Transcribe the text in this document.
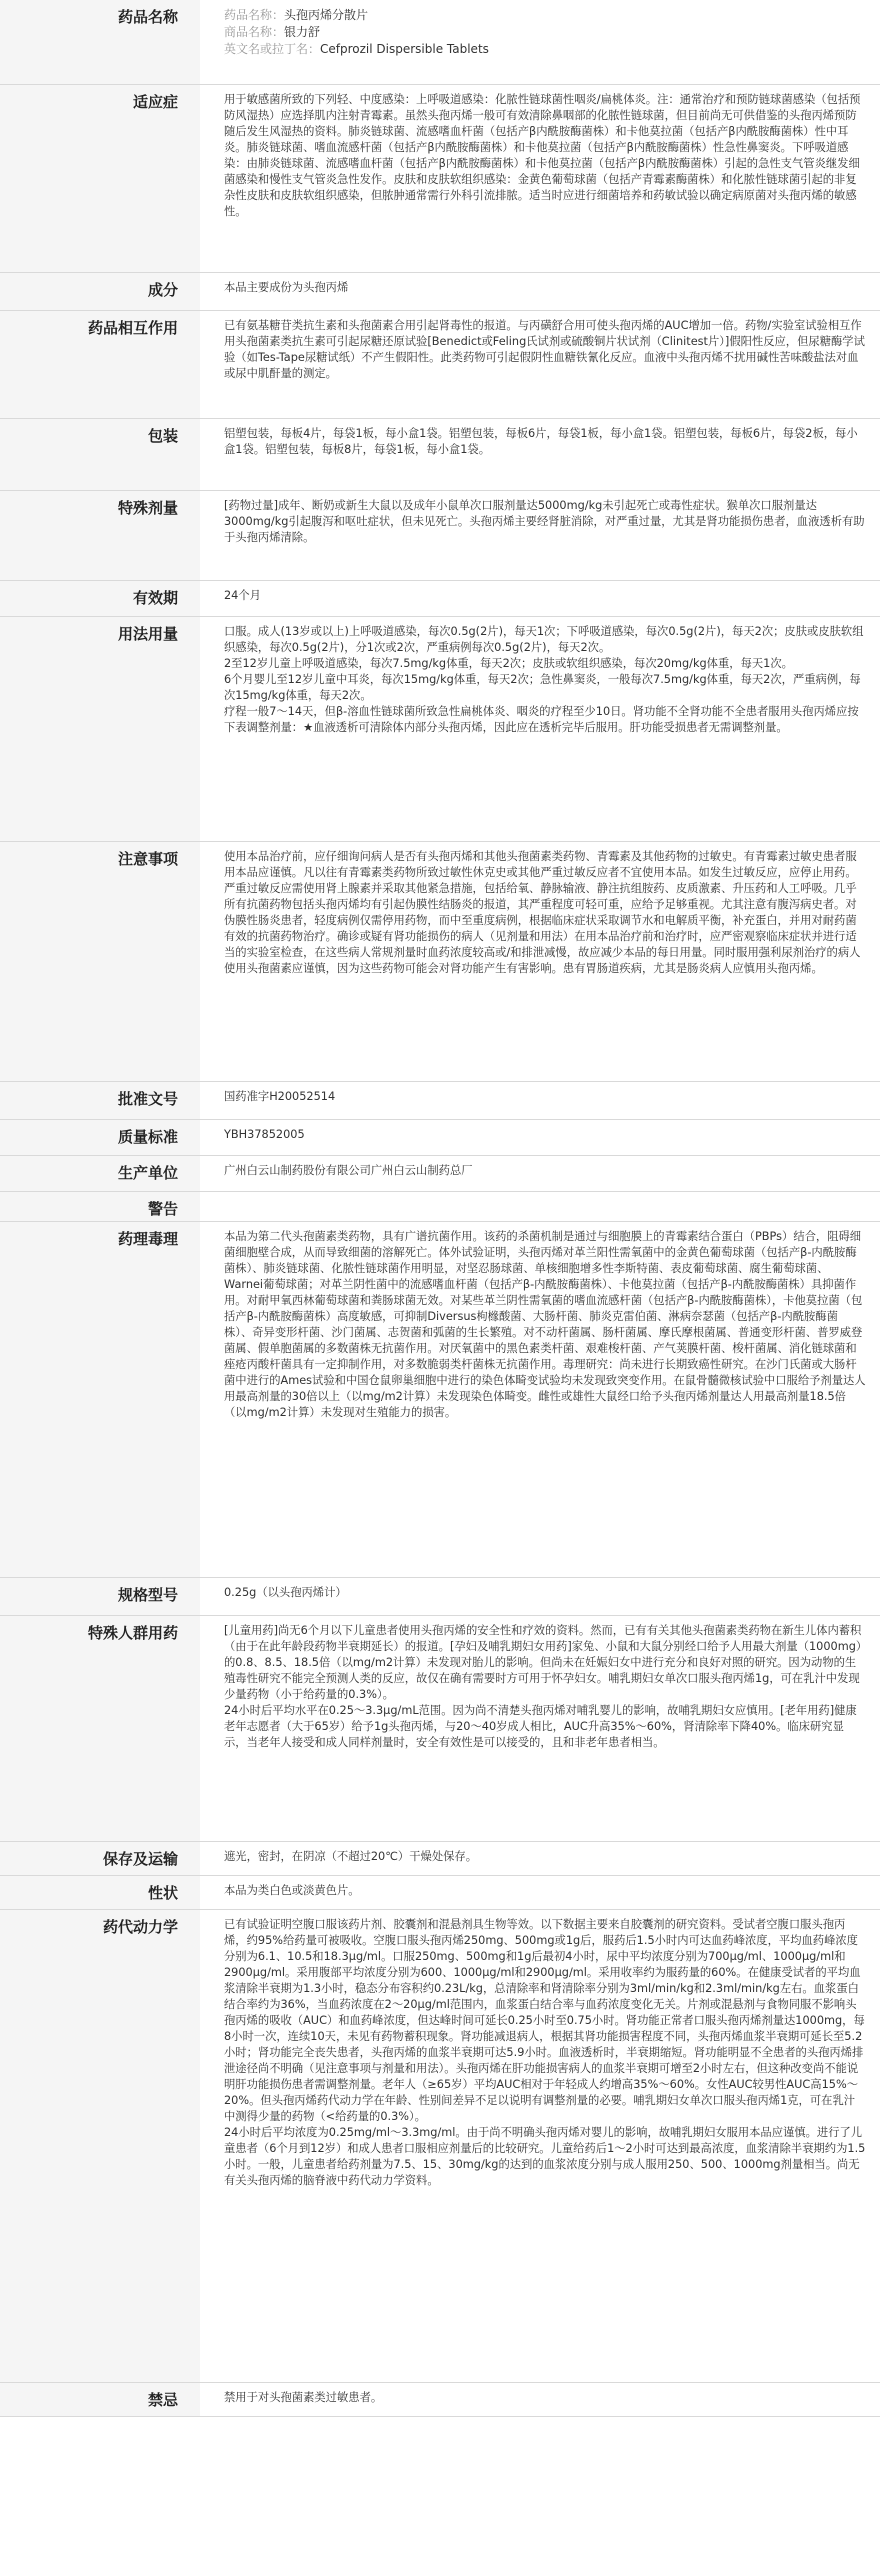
药品名称	药品名称：头孢丙烯分散片
商品名称：银力舒
英文名或拉丁名：Cefprozil Dispersible Tablets

适应症	用于敏感菌所致的下列轻、中度感染：上呼吸道感染：化脓性链球菌性咽炎/扁桃体炎。注：通常治疗和预防链球菌感染（包括预防风湿热）应选择肌内注射青霉素。虽然头孢丙烯一般可有效清除鼻咽部的化脓性链球菌，但目前尚无可供借鉴的头孢丙烯预防随后发生风湿热的资料。肺炎链球菌、流感嗜血杆菌（包括产β内酰胺酶菌株）和卡他莫拉菌（包括产β内酰胺酶菌株）性中耳炎。肺炎链球菌、嗜血流感杆菌（包括产β内酰胺酶菌株）和卡他莫拉菌（包括产β内酰胺酶菌株）性急性鼻窦炎。下呼吸道感染：由肺炎链球菌、流感嗜血杆菌（包括产β内酰胺酶菌株）和卡他莫拉菌（包括产β内酰胺酶菌株）引起的急性支气管炎继发细菌感染和慢性支气管炎急性发作。皮肤和皮肤软组织感染：金黄色葡萄球菌（包括产青霉素酶菌株）和化脓性链球菌引起的非复杂性皮肤和皮肤软组织感染，但脓肿通常需行外科引流排脓。适当时应进行细菌培养和药敏试验以确定病原菌对头孢丙烯的敏感性。

成分	本品主要成份为头孢丙烯

药品相互作用	已有氨基糖苷类抗生素和头孢菌素合用引起肾毒性的报道。与丙磺舒合用可使头孢丙烯的AUC增加一倍。药物/实验室试验相互作用头孢菌素类抗生素可引起尿糖还原试验[Benedict或Feling氏试剂或硫酸铜片状试剂（Clinitest片）]假阳性反应，但尿糖酶学试验（如Tes-Tape尿糖试纸）不产生假阳性。此类药物可引起假阴性血糖铁氰化反应。血液中头孢丙烯不扰用碱性苦味酸盐法对血或尿中肌酐量的测定。

包装	铝塑包装，每板4片，每袋1板，每小盒1袋。铝塑包装，每板6片，每袋1板，每小盒1袋。铝塑包装，每板6片，每袋2板，每小盒1袋。铝塑包装，每板8片，每袋1板，每小盒1袋。

特殊剂量	[药物过量]成年、断奶或新生大鼠以及成年小鼠单次口服剂量达5000mg/kg未引起死亡或毒性症状。猴单次口服剂量达3000mg/kg引起腹泻和呕吐症状，但未见死亡。头孢丙烯主要经肾脏消除，对严重过量，尤其是肾功能损伤患者，血液透析有助于头孢丙烯清除。

有效期	24个月

用法用量	口服。成人(13岁或以上)上呼吸道感染，每次0.5g(2片)，每天1次；下呼吸道感染，每次0.5g(2片)，每天2次；皮肤或皮肤软组织感染，每次0.5g(2片)，分1次或2次，严重病例每次0.5g(2片)，每天2次。
2至12岁儿童上呼吸道感染，每次7.5mg/kg体重，每天2次；皮肤或软组织感染，每次20mg/kg体重，每天1次。
6个月婴儿至12岁儿童中耳炎，每次15mg/kg体重，每天2次；急性鼻窦炎，一般每次7.5mg/kg体重，每天2次，严重病例，每次15mg/kg体重，每天2次。
疗程一般7～14天，但β-溶血性链球菌所致急性扁桃体炎、咽炎的疗程至少10日。肾功能不全肾功能不全患者服用头孢丙烯应按下表调整剂量：★血液透析可清除体内部分头孢丙烯，因此应在透析完毕后服用。肝功能受损患者无需调整剂量。

注意事项	使用本品治疗前，应仔细询问病人是否有头孢丙烯和其他头孢菌素类药物、青霉素及其他药物的过敏史。有青霉素过敏史患者服用本品应谨慎。凡以往有青霉素类药物所致过敏性休克史或其他严重过敏反应者不宜使用本品。如发生过敏反应，应停止用药。严重过敏反应需使用肾上腺素并采取其他紧急措施，包括给氧、静脉输液、静注抗组胺药、皮质激素、升压药和人工呼吸。几乎所有抗菌药物包括头孢丙烯均有引起伪膜性结肠炎的报道，其严重程度可轻可重，应给予足够重视。尤其注意有腹泻病史者。对伪膜性肠炎患者，轻度病例仅需停用药物，而中至重度病例，根据临床症状采取调节水和电解质平衡，补充蛋白，并用对耐药菌有效的抗菌药物治疗。确诊或疑有肾功能损伤的病人（见剂量和用法）在用本品治疗前和治疗时，应严密观察临床症状并进行适当的实验室检查，在这些病人常规剂量时血药浓度较高或/和排泄减慢，故应减少本品的每日用量。同时服用强利尿剂治疗的病人使用头孢菌素应谨慎，因为这些药物可能会对肾功能产生有害影响。患有胃肠道疾病，尤其是肠炎病人应慎用头孢丙烯。

批准文号	国药准字H20052514

质量标准	YBH37852005

生产单位	广州白云山制药股份有限公司广州白云山制药总厂

警告	

药理毒理	本品为第二代头孢菌素类药物，具有广谱抗菌作用。该药的杀菌机制是通过与细胞膜上的青霉素结合蛋白（PBPs）结合，阻碍细菌细胞壁合成，从而导致细菌的溶解死亡。体外试验证明，头孢丙烯对革兰阳性需氧菌中的金黄色葡萄球菌（包括产β-内酰胺酶菌株）、肺炎链球菌、化脓性链球菌作用明显，对坚忍肠球菌、单核细胞增多性李斯特菌、表皮葡萄球菌、腐生葡萄球菌、Warnei葡萄球菌；对革兰阴性菌中的流感嗜血杆菌（包括产β-内酰胺酶菌株）、卡他莫拉菌（包括产β-内酰胺酶菌株）具抑菌作用。对耐甲氧西林葡萄球菌和粪肠球菌无效。对某些革兰阴性需氧菌的嗜血流感杆菌（包括产β-内酰胺酶菌株），卡他莫拉菌（包括产β-内酰胺酶菌株）高度敏感，可抑制Diversus枸橼酸菌、大肠杆菌、肺炎克雷伯菌、淋病奈瑟菌（包括产β-内酰胺酶菌株）、奇异变形杆菌、沙门菌属、志贺菌和弧菌的生长繁殖。对不动杆菌属、肠杆菌属、摩氏摩根菌属、普通变形杆菌、普罗威登菌属、假单胞菌属的多数菌株无抗菌作用。对厌氧菌中的黑色素类杆菌、艰难梭杆菌、产气荚膜杆菌、梭杆菌属、消化链球菌和痤疮丙酸杆菌具有一定抑制作用，对多数脆弱类杆菌株无抗菌作用。毒理研究：尚未进行长期致癌性研究。在沙门氏菌或大肠杆菌中进行的Ames试验和中国仓鼠卵巢细胞中进行的染色体畸变试验均未发现致突变作用。在鼠骨髓微核试验中口服给予剂量达人用最高剂量的30倍以上（以mg/m2计算）未发现染色体畸变。雌性或雄性大鼠经口给予头孢丙烯剂量达人用最高剂量18.5倍（以mg/m2计算）未发现对生殖能力的损害。

规格型号	0.25g（以头孢丙烯计）

特殊人群用药	[儿童用药]尚无6个月以下儿童患者使用头孢丙烯的安全性和疗效的资料。然而，已有有关其他头孢菌素类药物在新生儿体内蓄积（由于在此年龄段药物半衰期延长）的报道。[孕妇及哺乳期妇女用药]家兔、小鼠和大鼠分别经口给予人用最大剂量（1000mg）的0.8、8.5、18.5倍（以mg/m2计算）未发现对胎儿的影响。但尚未在妊娠妇女中进行充分和良好对照的研究。因为动物的生殖毒性研究不能完全预测人类的反应，故仅在确有需要时方可用于怀孕妇女。哺乳期妇女单次口服头孢丙烯1g，可在乳汁中发现少量药物（小于给药量的0.3%）。
24小时后平均水平在0.25～3.3μg/mL范围。因为尚不清楚头孢丙烯对哺乳婴儿的影响，故哺乳期妇女应慎用。[老年用药]健康老年志愿者（大于65岁）给予1g头孢丙烯，与20～40岁成人相比，AUC升高35%～60%，肾清除率下降40%。临床研究显示，当老年人接受和成人同样剂量时，安全有效性是可以接受的，且和非老年患者相当。

保存及运输	遮光，密封，在阴凉（不超过20℃）干燥处保存。

性状	本品为类白色或淡黄色片。

药代动力学	已有试验证明空腹口服该药片剂、胶囊剂和混悬剂具生物等效。以下数据主要来自胶囊剂的研究资料。受试者空腹口服头孢丙烯，约95%给药量可被吸收。空腹口服头孢丙烯250mg、500mg或1g后，服药后1.5小时内可达血药峰浓度，平均血药峰浓度分别为6.1、10.5和18.3μg/ml。口服250mg、500mg和1g后最初4小时，尿中平均浓度分别为700μg/ml、1000μg/ml和2900μg/ml。采用腹部平均浓度分别为600、1000μg/ml和2900μg/ml。采用收率约为服药量的60%。在健康受试者的平均血浆清除半衰期为1.3小时，稳态分布容积约0.23L/kg，总清除率和肾清除率分别为3ml/min/kg和2.3ml/min/kg左右。血浆蛋白结合率约为36%，当血药浓度在2～20μg/ml范围内，血浆蛋白结合率与血药浓度变化无关。片剂或混悬剂与食物同服不影响头孢丙烯的吸收（AUC）和血药峰浓度，但达峰时间可延长0.25小时至0.75小时。肾功能正常者口服头孢丙烯剂量达1000mg，每8小时一次，连续10天，未见有药物蓄积现象。肾功能减退病人，根据其肾功能损害程度不同，头孢丙烯血浆半衰期可延长至5.2小时；肾功能完全丧失患者，头孢丙烯的血浆半衰期可达5.9小时。血液透析时，半衰期缩短。肾功能明显不全患者的头孢丙烯排泄途径尚不明确（见注意事项与剂量和用法）。头孢丙烯在肝功能损害病人的血浆半衰期可增至2小时左右，但这种改变尚不能说明肝功能损伤患者需调整剂量。老年人（≥65岁）平均AUC相对于年轻成人约增高35%～60%。女性AUC较男性AUC高15%～20%。但头孢丙烯药代动力学在年龄、性别间差异不足以说明有调整剂量的必要。哺乳期妇女单次口服头孢丙烯1克，可在乳汁中测得少量的药物（<给药量的0.3%）。
24小时后平均浓度为0.25mg/ml～3.3mg/ml。由于尚不明确头孢丙烯对婴儿的影响，故哺乳期妇女服用本品应谨慎。进行了儿童患者（6个月到12岁）和成人患者口服相应剂量后的比较研究。儿童给药后1～2小时可达到最高浓度，血浆清除半衰期约为1.5小时。一般，儿童患者给药剂量为7.5、15、30mg/kg的达到的血浆浓度分别与成人服用250、500、1000mg剂量相当。尚无有关头孢丙烯的脑脊液中药代动力学资料。

禁忌	禁用于对头孢菌素类过敏患者。
